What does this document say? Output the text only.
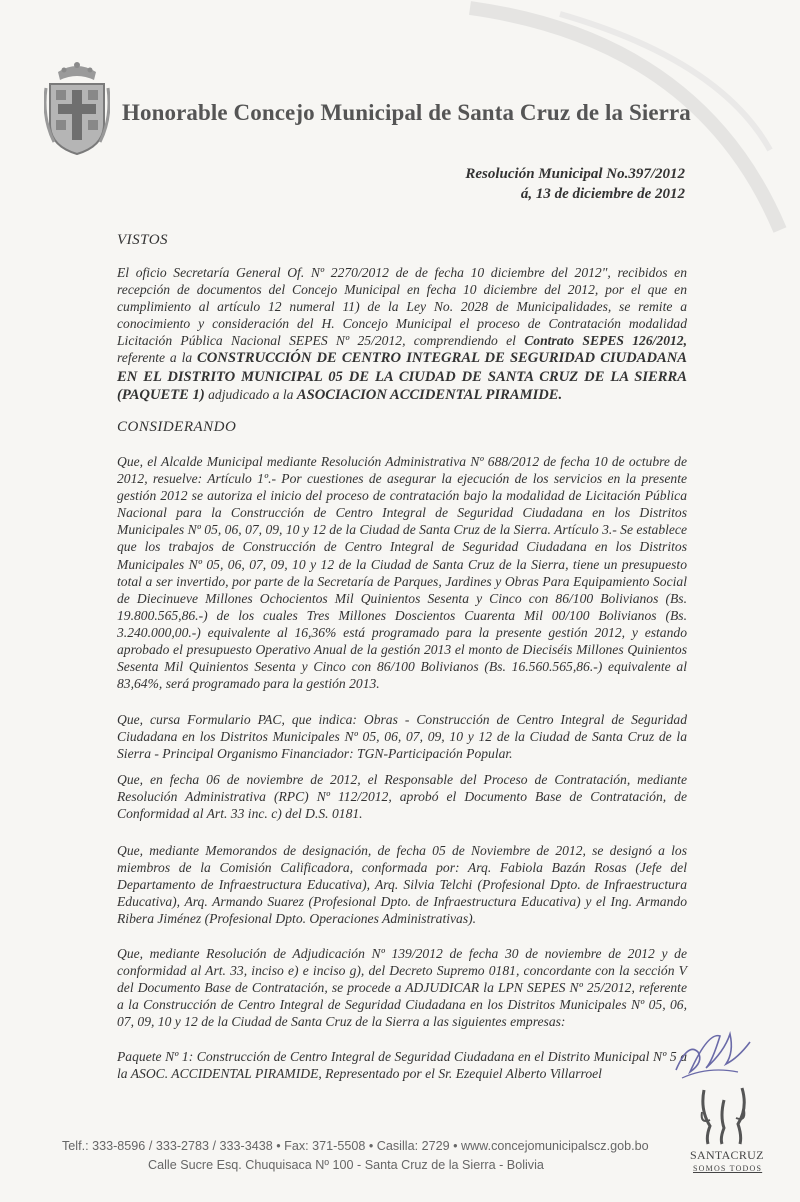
Honorable Concejo Municipal de Santa Cruz de la Sierra
Resolución Municipal No.397/2012
á, 13 de diciembre de 2012
VISTOS
El oficio Secretaría General Of. Nº 2270/2012 de de fecha 10 diciembre del 2012", recibidos en recepción de documentos del Concejo Municipal en fecha 10 diciembre del 2012, por el que en cumplimiento al artículo 12 numeral 11) de la Ley No. 2028 de Municipalidades, se remite a conocimiento y consideración del H. Concejo Municipal el proceso de Contratación modalidad Licitación Pública Nacional SEPES Nº 25/2012, comprendiendo el Contrato SEPES 126/2012, referente a la CONSTRUCCIÓN DE CENTRO INTEGRAL DE SEGURIDAD CIUDADANA EN EL DISTRITO MUNICIPAL 05 DE LA CIUDAD DE SANTA CRUZ DE LA SIERRA (PAQUETE 1) adjudicado a la ASOCIACION ACCIDENTAL PIRAMIDE.
CONSIDERANDO
Que, el Alcalde Municipal mediante Resolución Administrativa Nº 688/2012 de fecha 10 de octubre de 2012, resuelve: Artículo 1º.- Por cuestiones de asegurar la ejecución de los servicios en la presente gestión 2012 se autoriza el inicio del proceso de contratación bajo la modalidad de Licitación Pública Nacional para la Construcción de Centro Integral de Seguridad Ciudadana en los Distritos Municipales Nº 05, 06, 07, 09, 10 y 12 de la Ciudad de Santa Cruz de la Sierra. Artículo 3.- Se establece que los trabajos de Construcción de Centro Integral de Seguridad Ciudadana en los Distritos Municipales Nº 05, 06, 07, 09, 10 y 12 de la Ciudad de Santa Cruz de la Sierra, tiene un presupuesto total a ser invertido, por parte de la Secretaría de Parques, Jardines y Obras Para Equipamiento Social de Diecinueve Millones Ochocientos Mil Quinientos Sesenta y Cinco con 86/100 Bolivianos (Bs. 19.800.565,86.-) de los cuales Tres Millones Doscientos Cuarenta Mil 00/100 Bolivianos (Bs. 3.240.000,00.-) equivalente al 16,36% está programado para la presente gestión 2012, y estando aprobado el presupuesto Operativo Anual de la gestión 2013 el monto de Dieciséis Millones Quinientos Sesenta Mil Quinientos Sesenta y Cinco con 86/100 Bolivianos (Bs. 16.560.565,86.-) equivalente al 83,64%, será programado para la gestión 2013.
Que, cursa Formulario PAC, que indica: Obras - Construcción de Centro Integral de Seguridad Ciudadana en los Distritos Municipales Nº 05, 06, 07, 09, 10 y 12 de la Ciudad de Santa Cruz de la Sierra - Principal Organismo Financiador: TGN-Participación Popular.
Que, en fecha 06 de noviembre de 2012, el Responsable del Proceso de Contratación, mediante Resolución Administrativa (RPC) Nº 112/2012, aprobó el Documento Base de Contratación, de Conformidad al Art. 33 inc. c) del D.S. 0181.
Que, mediante Memorandos de designación, de fecha 05 de Noviembre de 2012, se designó a los miembros de la Comisión Calificadora, conformada por: Arq. Fabiola Bazán Rosas (Jefe del Departamento de Infraestructura Educativa), Arq. Silvia Telchi (Profesional Dpto. de Infraestructura Educativa), Arq. Armando Suarez (Profesional Dpto. de Infraestructura Educativa) y el Ing. Armando Ribera Jiménez (Profesional Dpto. Operaciones Administrativas).
Que, mediante Resolución de Adjudicación Nº 139/2012 de fecha 30 de noviembre de 2012 y de conformidad al Art. 33, inciso e) e inciso g), del Decreto Supremo 0181, concordante con la sección V del Documento Base de Contratación, se procede a ADJUDICAR la LPN SEPES Nº 25/2012, referente a la Construcción de Centro Integral de Seguridad Ciudadana en los Distritos Municipales Nº 05, 06, 07, 09, 10 y 12 de la Ciudad de Santa Cruz de la Sierra a las siguientes empresas:
Paquete Nº 1: Construcción de Centro Integral de Seguridad Ciudadana en el Distrito Municipal Nº 5 a la ASOC. ACCIDENTAL PIRAMIDE, Representado por el Sr. Ezequiel Alberto Villarroel
SANTACRUZ
SOMOS TODOS
Telf.: 333-8596 / 333-2783 / 333-3438 • Fax: 371-5508 • Casilla: 2729 • www.concejomunicipalscz.gob.bo
Calle Sucre Esq. Chuquisaca Nº 100 - Santa Cruz de la Sierra - Bolivia
